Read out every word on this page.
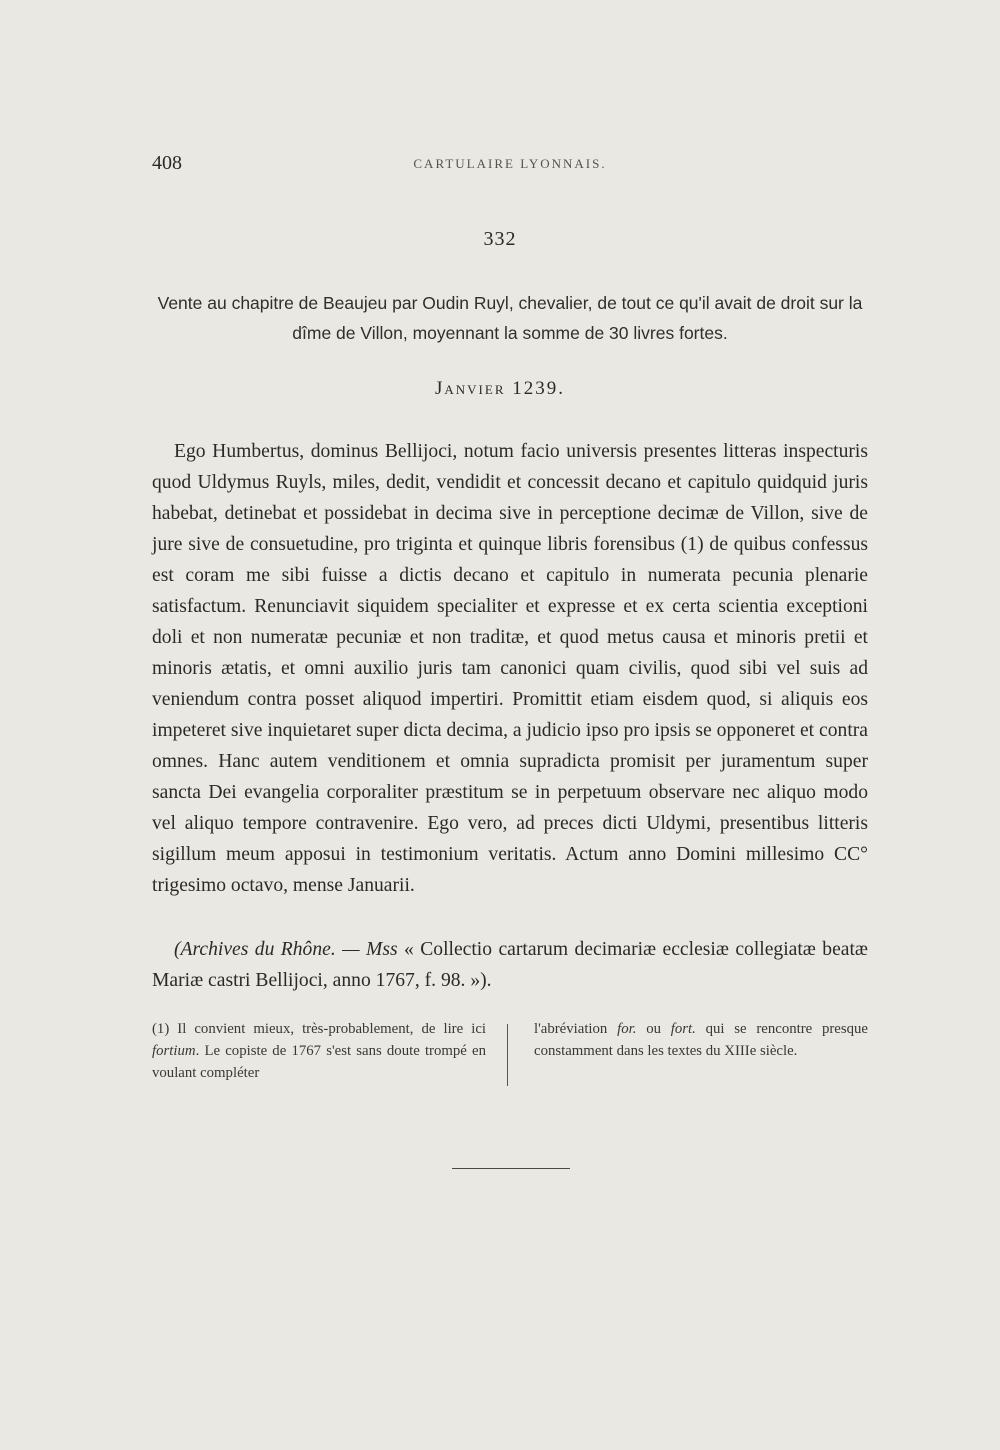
408	CARTULAIRE LYONNAIS.
332
Vente au chapitre de Beaujeu par Oudin Ruyl, chevalier, de tout ce qu'il avait de droit sur la dîme de Villon, moyennant la somme de 30 livres fortes.
Janvier 1239.

Ego Humbertus, dominus Bellijoci, notum facio universis presentes litteras inspecturis quod Uldymus Ruyls, miles, dedit, vendidit et concessit decano et capitulo quidquid juris habebat, detinebat et possidebat in decima sive in perceptione decimæ de Villon, sive de jure sive de consuetudine, pro triginta et quinque libris forensibus (1) de quibus confessus est coram me sibi fuisse a dictis decano et capitulo in numerata pecunia plenarie satisfactum. Renunciavit siquidem specialiter et expresse et ex certa scientia exceptioni doli et non numeratæ pecuniæ et non traditæ, et quod metus causa et minoris pretii et minoris ætatis, et omni auxilio juris tam canonici quam civilis, quod sibi vel suis ad veniendum contra posset aliquod impertiri. Promittit etiam eisdem quod, si aliquis eos impeteret sive inquietaret super dicta decima, a judicio ipso pro ipsis se opponeret et contra omnes. Hanc autem venditionem et omnia supradicta promisit per juramentum super sancta Dei evangelia corporaliter præstitum se in perpetuum observare nec aliquo modo vel aliquo tempore contravenire. Ego vero, ad preces dicti Uldymi, presentibus litteris sigillum meum apposui in testimonium veritatis. Actum anno Domini millesimo CC° trigesimo octavo, mense Januarii.

(Archives du Rhône. — Mss « Collectio cartarum decimariæ ecclesiæ collegiatæ beatæ Mariæ castri Bellijoci, anno 1767, f. 98. »).

(1) Il convient mieux, très-probablement, de lire ici fortium. Le copiste de 1767 s'est sans doute trompé en voulant compléter
l'abréviation for. ou fort. qui se rencontre presque constamment dans les textes du XIIIe siècle.
